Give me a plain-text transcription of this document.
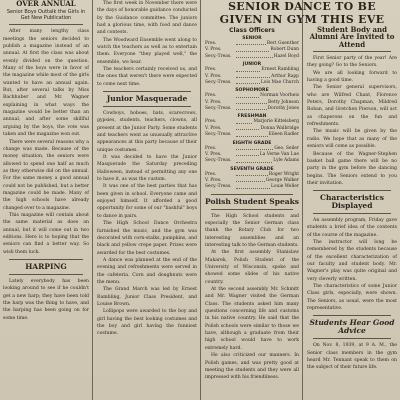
OVER ANNUAL
Senior Boys Outtalk the Girls in Get New Publication

After many lengthy class meetings the seniors decided to publish a magazine instead of an annual. At first the class was about evenly divided on the question. Many of the boys were in favor of the magazine while most of the girls wanted to have an annual again. But, after several talks by Miss Bachhuber and Mr. Wagner explaining in what ways the magazine would be better than an annual, and after some skillful arguing by the boys, the vote was taken and the magazine won out.

There were several reasons why a change was made. Because of the money situation, the seniors were allowed to spend one half as much as they otherwise did on the annual. For the same money a good annual could not be published, but a better magazine could be made. Many of the high schools have already changed over to a magazine.

This magazine will contain about the same material as does an annual, but it will come out in two editions. Here is to hoping that the seniors can find a better way. So wish them luck.

HARPING

Lately everybody has been looking around to see if he couldn't get a new harp; they have been told the harp was the thing to have, and the harping has been going on for some time.

The first week in November there were the days of honorable guidance conducted by the Guidance committee. The juniors had a glorious time, with food and dance and contests.

The Woodward Ensemble went along to watch the teachers as well as to entertain them. Everyone "they played well," the ensemble, we hear.

The teachers certainly received us, and the ones that weren't there were expected to come next time.

Junior Masquerade

Cowboys, hoboes, bats, scarecrows, gypsies, students, teachers, clowns, all present at the Junior Party. Some students and teachers went as unusually attractive appearances at this party because of their unique costumes.

It was decided to have the Junior Masquerade the Saturday preceding Halloween, instead of permitting any one to have it, as was the custom.

It was one of the best parties that has been given in school. Everyone came and enjoyed himself. It afforded a good opportunity for some of our "bashful" boys to dance in pairs.

The High School Dance Orchestra furnished the music, and the gym was decorated with corn-stalks, pumpkins, and black and yellow crepe paper. Prizes were awarded for the best costumes.

A dance was planned at the end of the evening and refreshments were served in the cafeteria. Corn and doughnuts were the menu.

The Grand March was led by Ernest Rambling, Junior Class President, and Louise Brown.

Lollipops were awarded to the boy and girl having the best looking costumes and the boy and girl having the funniest costume.

SENIOR DANCE TO BE
GIVEN IN GYM THIS EVE
Class Officers
SENIOR
Pres.	Bert Guenther
V. Pres.	Robert Dunn
Secy.-Treas.	Hazel Boyd
JUNIOR
Pres.	Ernest Rambling
V. Pres.	Arthur Rapp
Secy.-Treas.	Lois Mae Church
SOPHOMORE
Pres.	Norman Voorheis
V. Pres.	Betty Johnson
Secy.-Treas.	Dorothy Jones
FRESHMAN
Pres.	Marjorie Kittelsberg
V. Pres.	Donna Walbridge
Secy.-Treas.	Eileen Radler
EIGHTH GRADE
Pres.	Geo. Seiler
V. Pres.	La Verne Van Lue
Secy.-Treas.	Lyle Adams
SEVENTH GRADE
Pres.	Roger Wright
V. Pres.	George Walker
Secy.-Treas.	Louie Weller
Polish Student Speaks

The High School students and especially the Senior German class thank the Rotary Club for two interesting assemblies and an interesting talk to the German students.

At the first assembly Stanislaw Makarek, Polish Student of the University of Wisconsin, spoke and showed some slides of his native country.

At the second assembly Mr. Schmitt and Mr. Wagner visited the German Class. The students asked him many questions concerning life and customs in his native country. He said that the Polish schools were similar to those we have, although a graduate from their high school would have to work extremely hard.

He also criticized our manners. In Polish games, and was pretty good at meeting the students and they were all impressed with his friendliness.

Student Body and Alumni Are Invited to Attend

First Senior party of the year! Are they going? Go to the Seniors.

We are all looking forward to having a good time.

The Senior general supervisors, who are Wilfred Chant, Florence Peters, Dorothy Chapman, Mildred Roban, and Gretchen Pierson, will act as chaperons on the fun and refreshments.

The music will be given by the radio. We hope that as many of the seniors will come as possible.

Because of the Wagner-Stephen basket ball game there will be no party in the gym before the dancing begins. The Seniors extend to you their invitation.

Characteristics Displayed

An assembly program, Friday gave students a brief idea of the contents of the course of the magazine.

The instructor will long be remembered by the students because of the excellent characterization of our faculty and student body. Mr. Wagner's play was quite original and very cleverly written.

The characteristics of some Junior Class girls, especially, were shown. The Seniors, as usual, were the most representative.

Students Hear Good Advice

On Nov. 8, 1939, at 9 A. M., the Senior class members in the gym heard Mr. Tennant speak to them on the subject of their future life.
